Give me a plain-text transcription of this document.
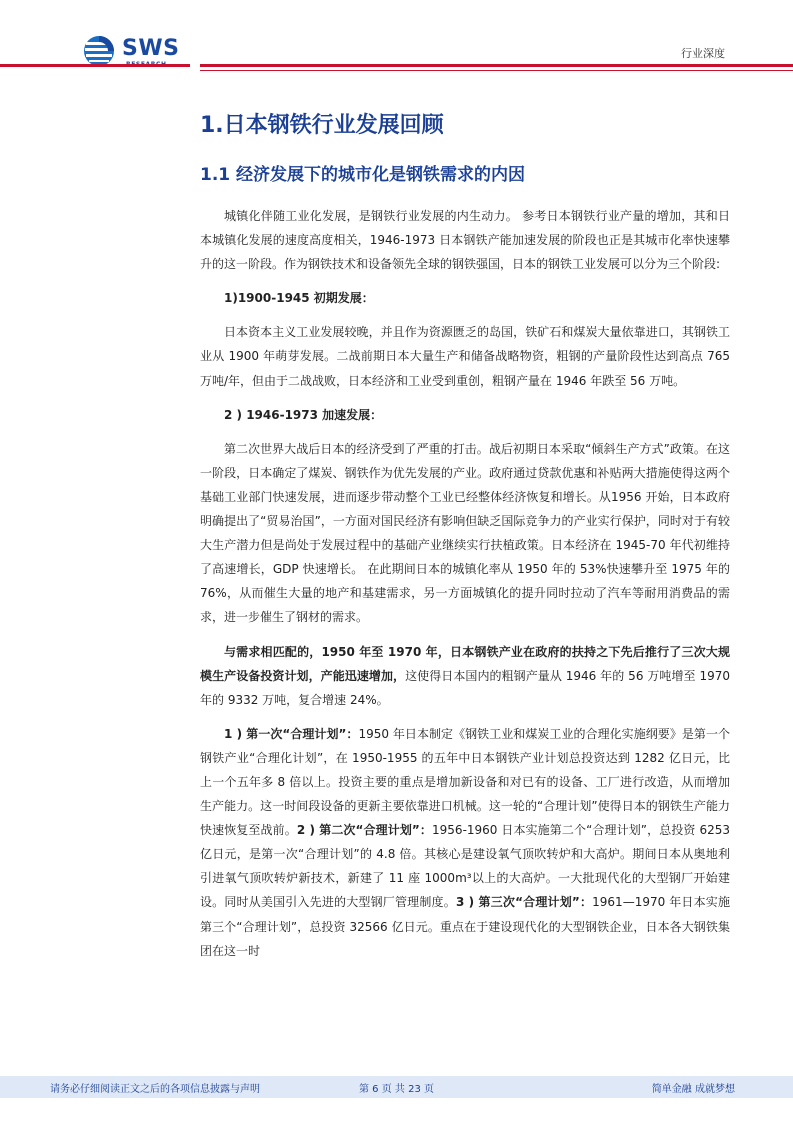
SWS	行业深度
1.日本钢铁行业发展回顾
1.1 经济发展下的城市化是钢铁需求的内因

城镇化伴随工业化发展，是钢铁行业发展的内生动力。 参考日本钢铁行业产量的增加，其和日本城镇化发展的速度高度相关，1946-1973 日本钢铁产能加速发展的阶段也正是其城市化率快速攀升的这一阶段。作为钢铁技术和设备领先全球的钢铁强国，日本的钢铁工业发展可以分为三个阶段:

1)1900-1945 初期发展：

日本资本主义工业发展较晚，并且作为资源匮乏的岛国，铁矿石和煤炭大量依靠进口，其钢铁工业从 1900 年萌芽发展。二战前期日本大量生产和储备战略物资，粗钢的产量阶段性达到高点 765 万吨/年，但由于二战战败，日本经济和工业受到重创，粗钢产量在 1946 年跌至 56 万吨。

2 ) 1946-1973 加速发展：

第二次世界大战后日本的经济受到了严重的打击。战后初期日本采取“倾斜生产方式”政策。在这一阶段，日本确定了煤炭、钢铁作为优先发展的产业。政府通过贷款优惠和补贴两大措施使得这两个基础工业部门快速发展，进而逐步带动整个工业已经整体经济恢复和增长。从1956 开始，日本政府明确提出了“贸易治国”，一方面对国民经济有影响但缺乏国际竞争力的产业实行保护，同时对于有较大生产潜力但是尚处于发展过程中的基础产业继续实行扶植政策。日本经济在 1945-70 年代初维持了高速增长，GDP 快速增长。 在此期间日本的城镇化率从 1950 年的 53%快速攀升至 1975 年的 76%，从而催生大量的地产和基建需求，另一方面城镇化的提升同时拉动了汽车等耐用消费品的需求，进一步催生了钢材的需求。

与需求相匹配的，1950 年至 1970 年，日本钢铁产业在政府的扶持之下先后推行了三次大规模生产设备投资计划，产能迅速增加，这使得日本国内的粗钢产量从 1946 年的 56 万吨增至 1970 年的 9332 万吨，复合增速 24%。

1 ) 第一次“合理计划”：1950 年日本制定《钢铁工业和煤炭工业的合理化实施纲要》是第一个钢铁产业“合理化计划”，在 1950-1955 的五年中日本钢铁产业计划总投资达到 1282 亿日元，比上一个五年多 8 倍以上。投资主要的重点是增加新设备和对已有的设备、工厂进行改造，从而增加生产能力。这一时间段设备的更新主要依靠进口机械。这一轮的“合理计划”使得日本的钢铁生产能力快速恢复至战前。2 ) 第二次“合理计划”：1956-1960 日本实施第二个“合理计划”，总投资 6253 亿日元，是第一次“合理计划”的 4.8 倍。其核心是建设氧气顶吹转炉和大高炉。期间日本从奥地利引进氧气顶吹转炉新技术，新建了 11 座 1000m³以上的大高炉。一大批现代化的大型钢厂开始建设。同时从美国引入先进的大型钢厂管理制度。3 ) 第三次“合理计划”：1961—1970 年日本实施第三个“合理计划”，总投资 32566 亿日元。重点在于建设现代化的大型钢铁企业，日本各大钢铁集团在这一时

请务必仔细阅读正文之后的各项信息披露与声明	第 6 页 共 23 页	简单金融 成就梦想
